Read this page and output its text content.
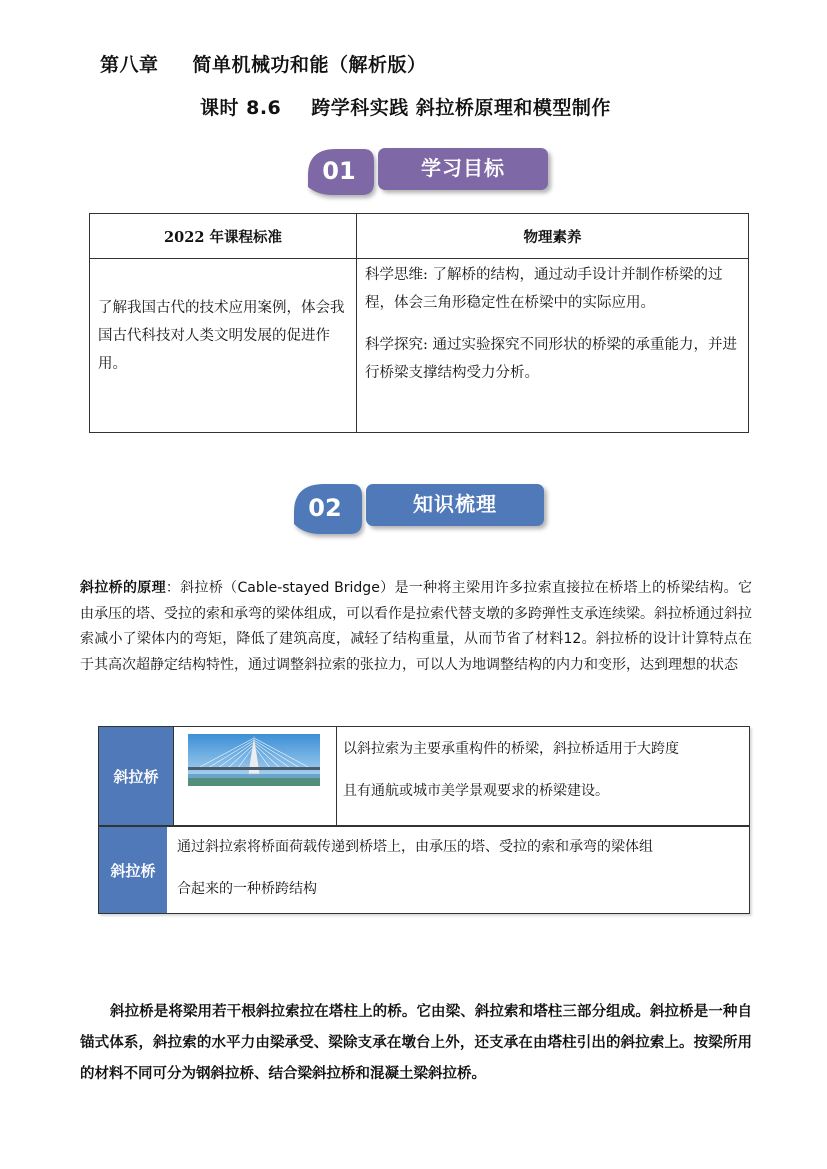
第八章 简单机械功和能（解析版）
课时 8.6 跨学科实践 斜拉桥原理和模型制作
01	学习目标
2022 年课程标准	物理素养

了解我国古代的技术应用案例，体会我国古代科技对人类文明发展的促进作用。	科学思维: 了解桥的结构，通过动手设计并制作桥梁的过程，体会三角形稳定性在桥梁中的实际应用。

科学探究: 通过实验探究不同形状的桥梁的承重能力，并进行桥梁支撑结构受力分析。

02	知识梳理
斜拉桥的原理：斜拉桥（Cable-stayed Bridge）是一种将主梁用许多拉索直接拉在桥塔上的桥梁结构。它由承压的塔、受拉的索和承弯的梁体组成，可以看作是拉索代替支墩的多跨弹性支承连续梁。斜拉桥通过斜拉索减小了梁体内的弯矩，降低了建筑高度，减轻了结构重量，从而节省了材料12。斜拉桥的设计计算特点在于其高次超静定结构特性，通过调整斜拉索的张拉力，可以人为地调整结构的内力和变形，达到理想的状态
斜拉桥
以斜拉索为主要承重构件的桥梁，斜拉桥适用于大跨度
且有通航或城市美学景观要求的桥梁建设。
斜拉桥
通过斜拉索将桥面荷载传递到桥塔上，由承压的塔、受拉的索和承弯的梁体组
合起来的一种桥跨结构
斜拉桥是将梁用若干根斜拉索拉在塔柱上的桥。它由梁、斜拉索和塔柱三部分组成。斜拉桥是一种自锚式体系，斜拉索的水平力由梁承受、梁除支承在墩台上外，还支承在由塔柱引出的斜拉索上。按梁所用的材料不同可分为钢斜拉桥、结合梁斜拉桥和混凝土梁斜拉桥。
